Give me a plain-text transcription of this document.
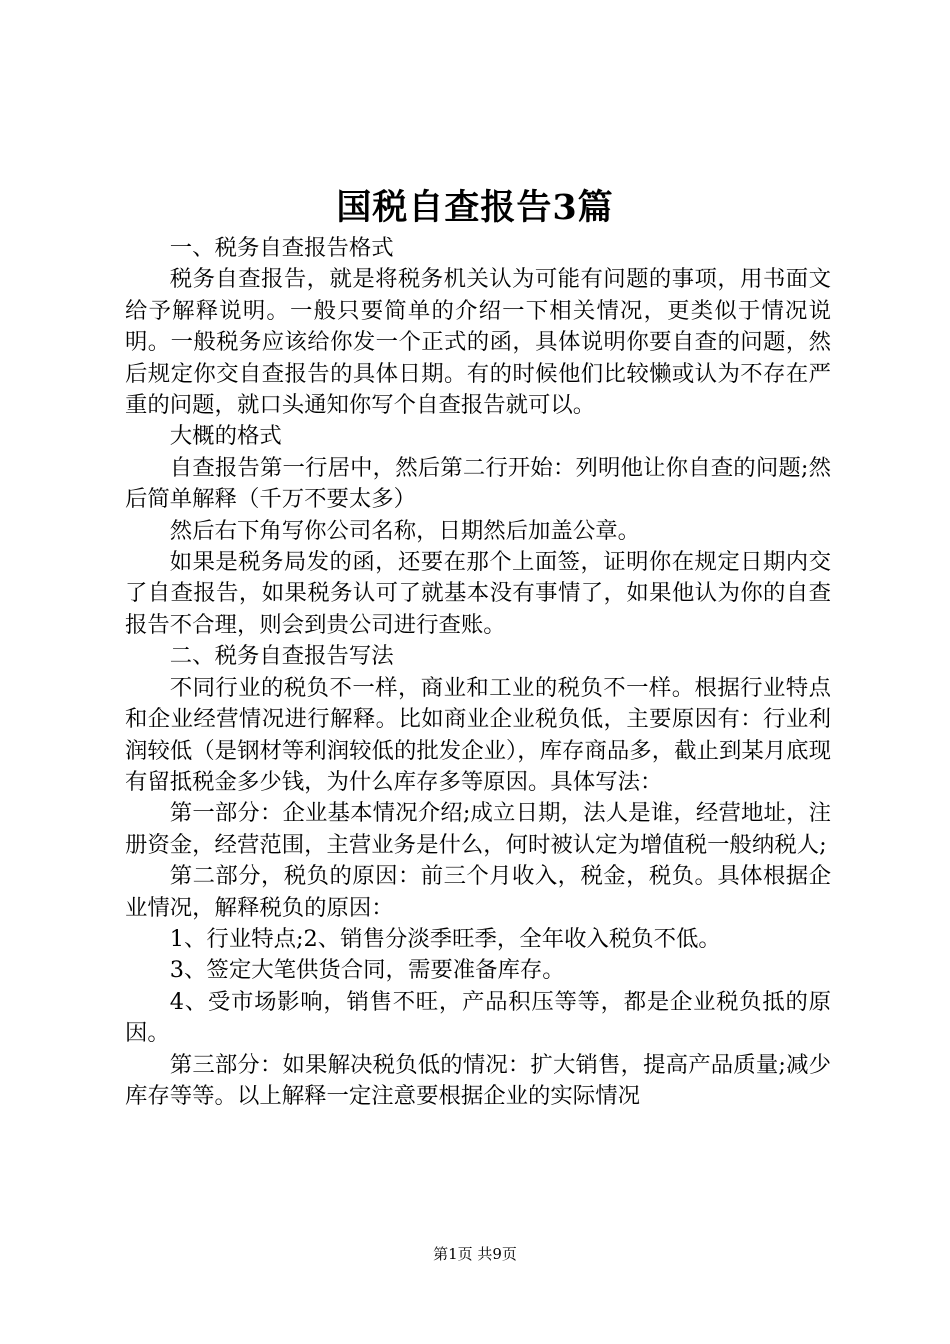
国税自查报告3篇

一、税务自查报告格式

税务自查报告，就是将税务机关认为可能有问题的事项，用书面文给予解释说明。一般只要简单的介绍一下相关情况，更类似于情况说明。一般税务应该给你发一个正式的函，具体说明你要自查的问题，然后规定你交自查报告的具体日期。有的时候他们比较懒或认为不存在严重的问题，就口头通知你写个自查报告就可以。

大概的格式

自查报告第一行居中，然后第二行开始：列明他让你自查的问题;然后简单解释（千万不要太多）

然后右下角写你公司名称，日期然后加盖公章。

如果是税务局发的函，还要在那个上面签，证明你在规定日期内交了自查报告，如果税务认可了就基本没有事情了，如果他认为你的自查报告不合理，则会到贵公司进行查账。

二、税务自查报告写法

不同行业的税负不一样，商业和工业的税负不一样。根据行业特点和企业经营情况进行解释。比如商业企业税负低，主要原因有：行业利润较低（是钢材等利润较低的批发企业），库存商品多，截止到某月底现有留抵税金多少钱，为什么库存多等原因。具体写法：

第一部分：企业基本情况介绍;成立日期，法人是谁，经营地址，注册资金，经营范围，主营业务是什么，何时被认定为增值税一般纳税人;

第二部分，税负的原因：前三个月收入，税金，税负。具体根据企业情况，解释税负的原因：

1、行业特点;2、销售分淡季旺季，全年收入税负不低。

3、签定大笔供货合同，需要准备库存。

4、受市场影响，销售不旺，产品积压等等，都是企业税负抵的原因。

第三部分：如果解决税负低的情况：扩大销售，提高产品质量;减少库存等等。以上解释一定注意要根据企业的实际情况

第1页 共9页
